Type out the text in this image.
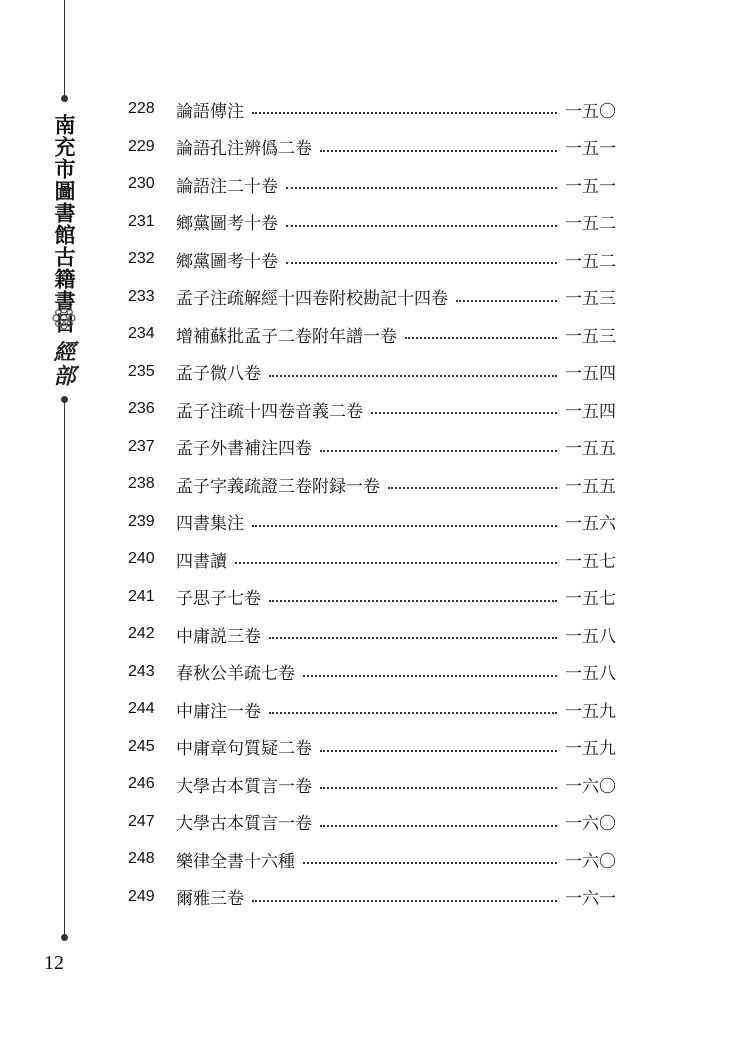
南充市圖書館古籍書目
經部
12
228	論語傳注	一五〇
229	論語孔注辨僞二卷	一五一
230	論語注二十卷	一五一
231	鄉黨圖考十卷	一五二
232	鄉黨圖考十卷	一五二
233	孟子注疏解經十四卷附校勘記十四卷	一五三
234	增補蘇批孟子二卷附年譜一卷	一五三
235	孟子微八卷	一五四
236	孟子注疏十四卷音義二卷	一五四
237	孟子外書補注四卷	一五五
238	孟子字義疏證三卷附録一卷	一五五
239	四書集注	一五六
240	四書讀	一五七
241	子思子七卷	一五七
242	中庸説三卷	一五八
243	春秋公羊疏七卷	一五八
244	中庸注一卷	一五九
245	中庸章句質疑二卷	一五九
246	大學古本質言一卷	一六〇
247	大學古本質言一卷	一六〇
248	樂律全書十六種	一六〇
249	爾雅三卷	一六一
